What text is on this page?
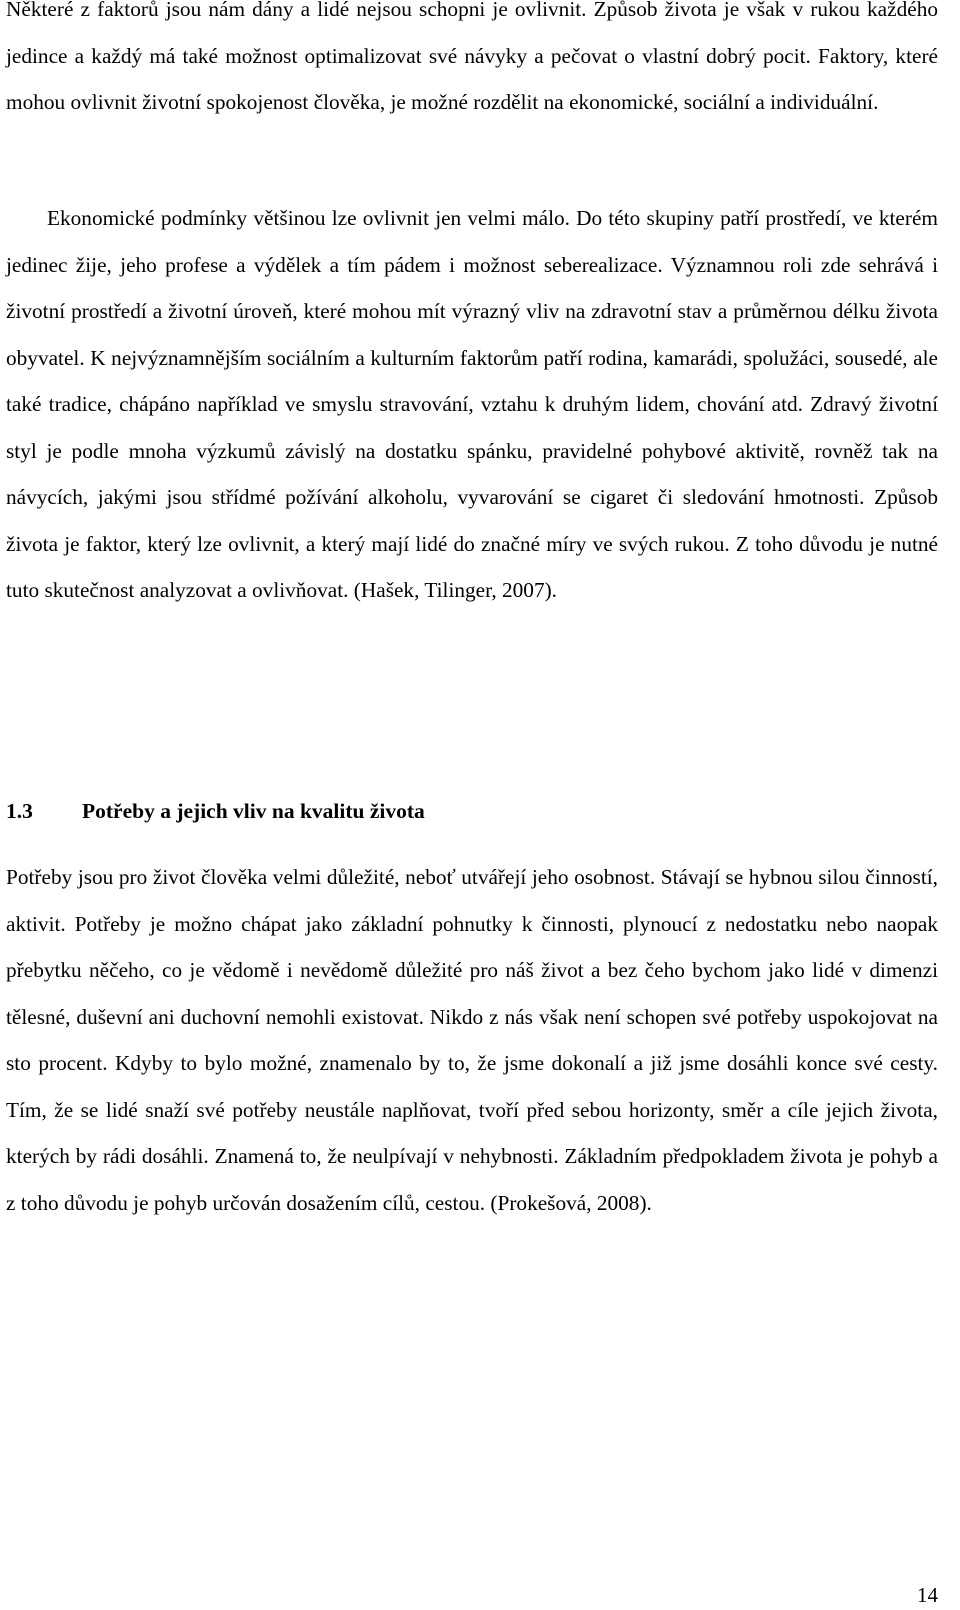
Některé z faktorů jsou nám dány a lidé nejsou schopni je ovlivnit. Způsob života je však v rukou každého jedince a každý má také možnost optimalizovat své návyky a pečovat o vlastní dobrý pocit. Faktory, které mohou ovlivnit životní spokojenost člověka, je možné rozdělit na ekonomické, sociální a individuální.

Ekonomické podmínky většinou lze ovlivnit jen velmi málo. Do této skupiny patří prostředí, ve kterém jedinec žije, jeho profese a výdělek a tím pádem i možnost seberealizace. Významnou roli zde sehrává i životní prostředí a životní úroveň, které mohou mít výrazný vliv na zdravotní stav a průměrnou délku života obyvatel. K nejvýznamnějším sociálním a kulturním faktorům patří rodina, kamarádi, spolužáci, sousedé, ale také tradice, chápáno například ve smyslu stravování, vztahu k druhým lidem, chování atd. Zdravý životní styl je podle mnoha výzkumů závislý na dostatku spánku, pravidelné pohybové aktivitě, rovněž tak na návycích, jakými jsou střídmé požívání alkoholu, vyvarování se cigaret či sledování hmotnosti. Způsob života je faktor, který lze ovlivnit, a který mají lidé do značné míry ve svých rukou. Z toho důvodu je nutné tuto skutečnost analyzovat a ovlivňovat. (Hašek, Tilinger, 2007).

1.3 Potřeby a jejich vliv na kvalitu života

Potřeby jsou pro život člověka velmi důležité, neboť utvářejí jeho osobnost. Stávají se hybnou silou činností, aktivit. Potřeby je možno chápat jako základní pohnutky k činnosti, plynoucí z nedostatku nebo naopak přebytku něčeho, co je vědomě i nevědomě důležité pro náš život a bez čeho bychom jako lidé v dimenzi tělesné, duševní ani duchovní nemohli existovat. Nikdo z nás však není schopen své potřeby uspokojovat na sto procent. Kdyby to bylo možné, znamenalo by to, že jsme dokonalí a již jsme dosáhli konce své cesty. Tím, že se lidé snaží své potřeby neustále naplňovat, tvoří před sebou horizonty, směr a cíle jejich života, kterých by rádi dosáhli. Znamená to, že neulpívají v nehybnosti. Základním předpokladem života je pohyb a z toho důvodu je pohyb určován dosažením cílů, cestou. (Prokešová, 2008).

14
